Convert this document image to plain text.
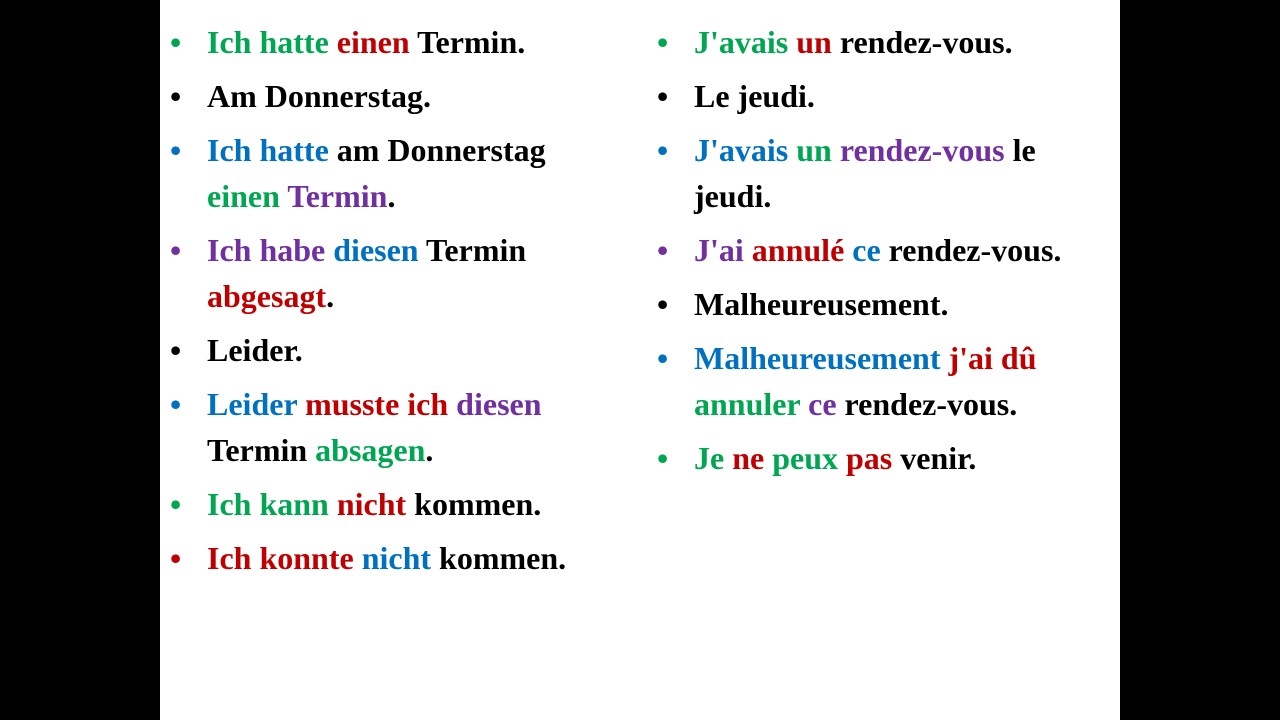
• Ich hatte einen Termin.
• Am Donnerstag.
• Ich hatte am Donnerstag einen Termin.
• Ich habe diesen Termin abgesagt.
• Leider.
• Leider musste ich diesen Termin absagen.
• Ich kann nicht kommen.
• Ich konnte nicht kommen.
• J'avais un rendez-vous.
• Le jeudi.
• J'avais un rendez-vous le jeudi.
• J'ai annulé ce rendez-vous.
• Malheureusement.
• Malheureusement j'ai dû annuler ce rendez-vous.
• Je ne peux pas venir.
